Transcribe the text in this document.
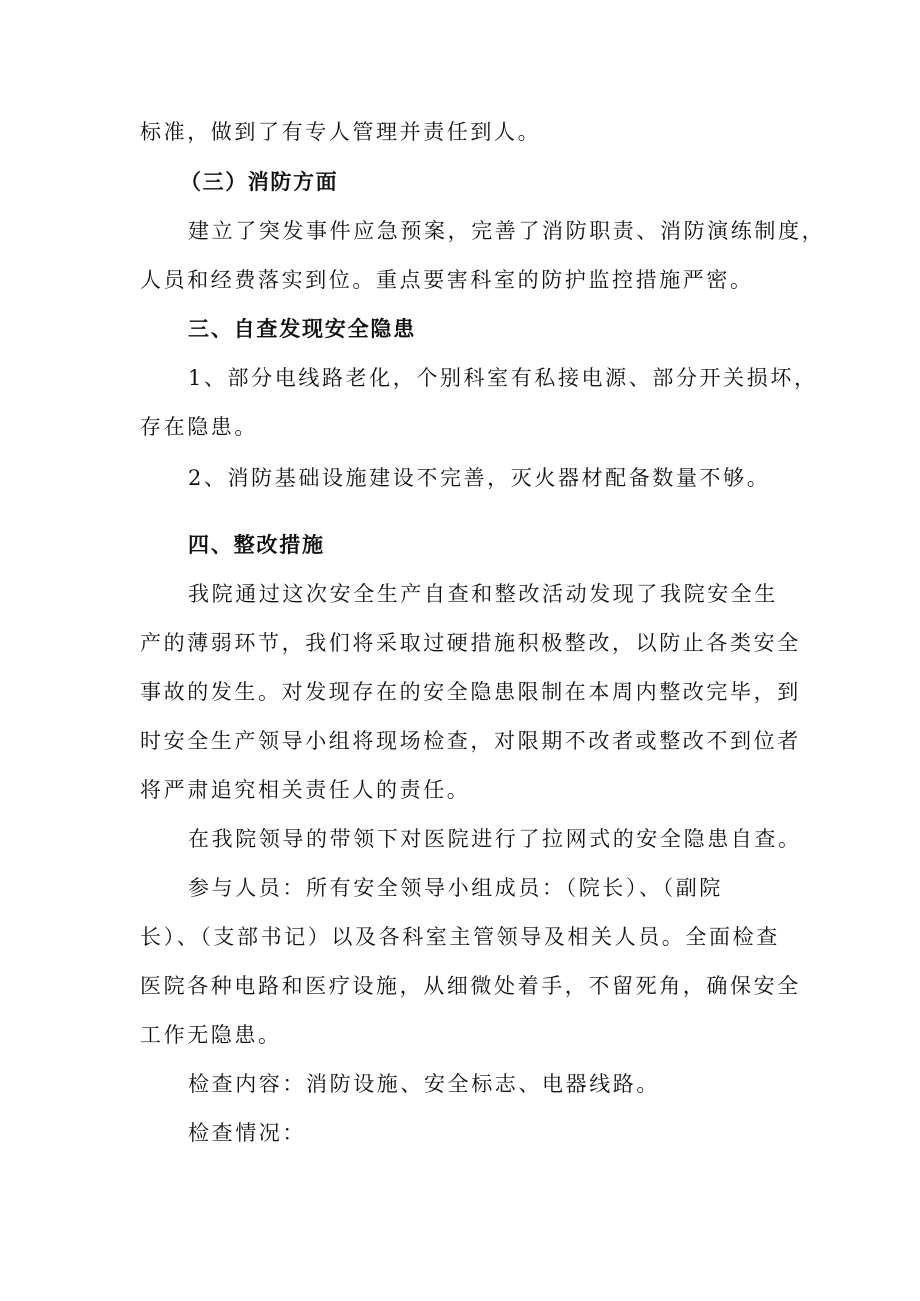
标准，做到了有专人管理并责任到人。
（三）消防方面
建立了突发事件应急预案，完善了消防职责、消防演练制度，
人员和经费落实到位。重点要害科室的防护监控措施严密。
三、自查发现安全隐患
1、部分电线路老化，个别科室有私接电源、部分开关损坏，
存在隐患。
2、消防基础设施建设不完善，灭火器材配备数量不够。
四、整改措施
我院通过这次安全生产自查和整改活动发现了我院安全生
产的薄弱环节，我们将采取过硬措施积极整改，以防止各类安全
事故的发生。对发现存在的安全隐患限制在本周内整改完毕，到
时安全生产领导小组将现场检查，对限期不改者或整改不到位者
将严肃追究相关责任人的责任。
在我院领导的带领下对医院进行了拉网式的安全隐患自查。
参与人员：所有安全领导小组成员：（院长）、（副院
长）、（支部书记）以及各科室主管领导及相关人员。全面检查
医院各种电路和医疗设施，从细微处着手，不留死角，确保安全
工作无隐患。
检查内容：消防设施、安全标志、电器线路。
检查情况：
